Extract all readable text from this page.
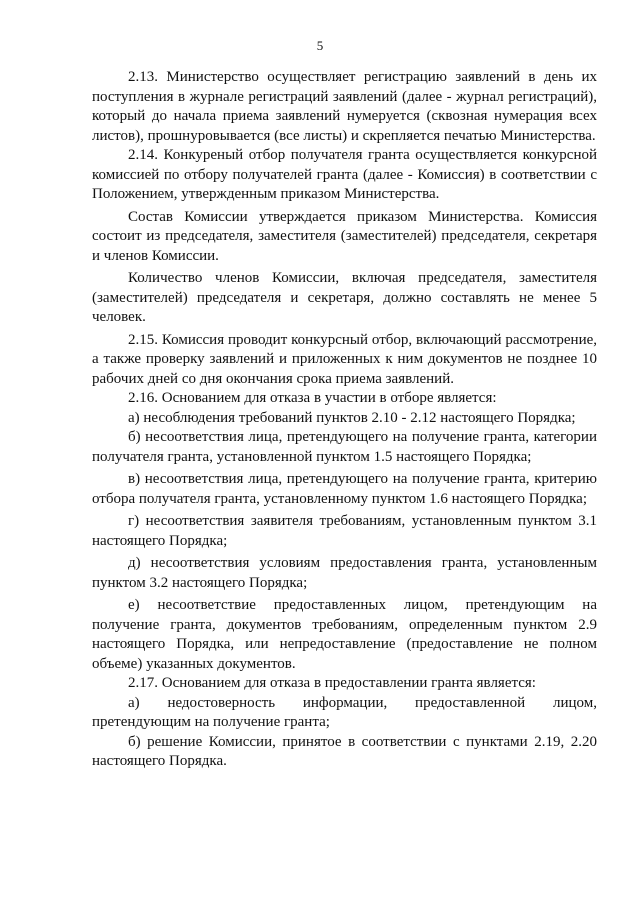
5

2.13. Министерство осуществляет регистрацию заявлений в день их поступления в журнале регистраций заявлений (далее - журнал регистраций), который до начала приема заявлений нумеруется (сквозная нумерация всех листов), прошнуровывается (все листы) и скрепляется печатью Министерства.

2.14. Конкуреный отбор получателя гранта осуществляется конкурсной комиссией по отбору получателей гранта (далее - Комиссия) в соответствии с Положением, утвержденным приказом Министерства.

Состав Комиссии утверждается приказом Министерства. Комиссия состоит из председателя, заместителя (заместителей) председателя, секретаря и членов Комиссии.

Количество членов Комиссии, включая председателя, заместителя (заместителей) председателя и секретаря, должно составлять не менее 5 человек.

2.15. Комиссия проводит конкурсный отбор, включающий рассмотрение, а также проверку заявлений и приложенных к ним документов не позднее 10 рабочих дней со дня окончания срока приема заявлений.

2.16. Основанием для отказа в участии в отборе является:

а) несоблюдения требований пунктов 2.10 - 2.12 настоящего Порядка;

б) несоответствия лица, претендующего на получение гранта, категории получателя гранта, установленной пунктом 1.5 настоящего Порядка;

в) несоответствия лица, претендующего на получение гранта, критерию отбора получателя гранта, установленному пунктом 1.6 настоящего Порядка;

г) несоответствия заявителя требованиям, установленным пунктом 3.1 настоящего Порядка;

д) несоответствия условиям предоставления гранта, установленным пунктом 3.2 настоящего Порядка;

е) несоответствие предоставленных лицом, претендующим на получение гранта, документов требованиям, определенным пунктом 2.9 настоящего Порядка, или непредоставление (предоставление не полном объеме) указанных документов.

2.17. Основанием для отказа в предоставлении гранта является:

а) недостоверность информации, предоставленной лицом, претендующим на получение гранта;

б) решение Комиссии, принятое в соответствии с пунктами 2.19, 2.20 настоящего Порядка.
